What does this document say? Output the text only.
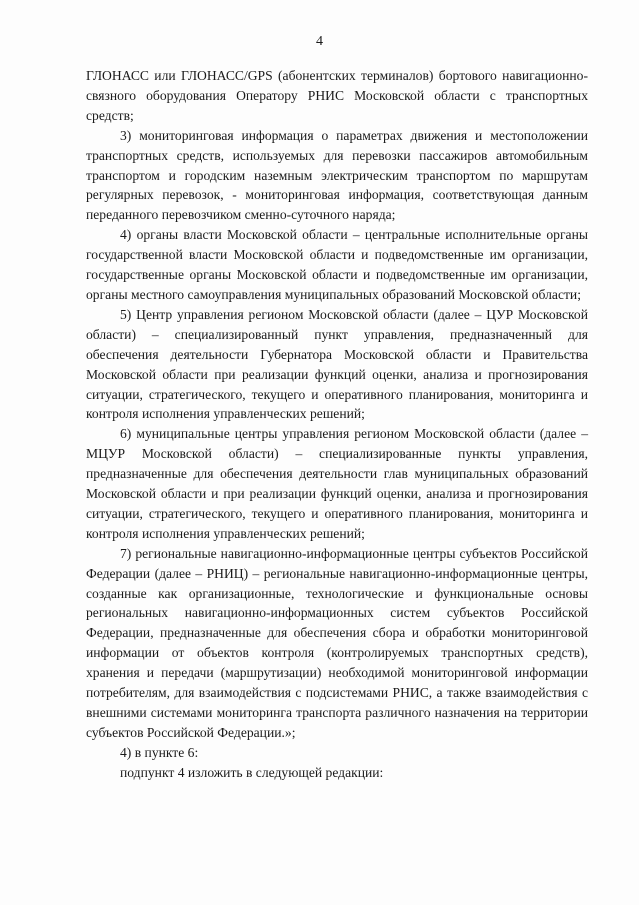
4

ГЛОНАСС или ГЛОНАСС/GPS (абонентских терминалов) бортового навигационно-связного оборудования Оператору РНИС Московской области с транспортных средств;

3) мониторинговая информация о параметрах движения и местоположении транспортных средств, используемых для перевозки пассажиров автомобильным транспортом и городским наземным электрическим транспортом по маршрутам регулярных перевозок, - мониторинговая информация, соответствующая данным переданного перевозчиком сменно-суточного наряда;

4) органы власти Московской области – центральные исполнительные органы государственной власти Московской области и подведомственные им организации, государственные органы Московской области и подведомственные им организации, органы местного самоуправления муниципальных образований Московской области;

5) Центр управления регионом Московской области (далее – ЦУР Московской области) – специализированный пункт управления, предназначенный для обеспечения деятельности Губернатора Московской области и Правительства Московской области при реализации функций оценки, анализа и прогнозирования ситуации, стратегического, текущего и оперативного планирования, мониторинга и контроля исполнения управленческих решений;

6) муниципальные центры управления регионом Московской области (далее – МЦУР Московской области) – специализированные пункты управления, предназначенные для обеспечения деятельности глав муниципальных образований Московской области и при реализации функций оценки, анализа и прогнозирования ситуации, стратегического, текущего и оперативного планирования, мониторинга и контроля исполнения управленческих решений;

7) региональные навигационно-информационные центры субъектов Российской Федерации (далее – РНИЦ) – региональные навигационно-информационные центры, созданные как организационные, технологические и функциональные основы региональных навигационно-информационных систем субъектов Российской Федерации, предназначенные для обеспечения сбора и обработки мониторинговой информации от объектов контроля (контролируемых транспортных средств), хранения и передачи (маршрутизации) необходимой мониторинговой информации потребителям, для взаимодействия с подсистемами РНИС, а также взаимодействия с внешними системами мониторинга транспорта различного назначения на территории субъектов Российской Федерации.»;

4) в пункте 6:

подпункт 4 изложить в следующей редакции:
